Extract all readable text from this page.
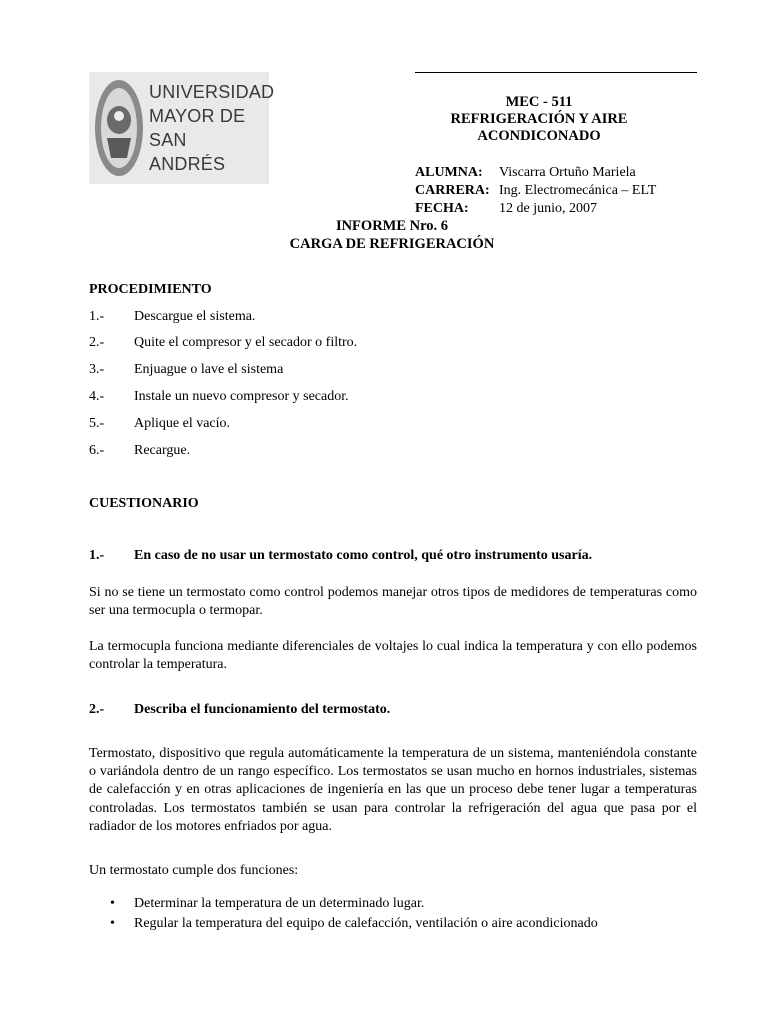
UNIVERSIDAD
MAYOR DE
SAN
ANDRÉS
MEC - 511
REFRIGERACIÓN Y AIRE
ACONDICONADO
ALUMNA: Viscarra Ortuño Mariela
CARRERA: Ing. Electromecánica – ELT
FECHA: 12 de junio, 2007
INFORME Nro. 6
CARGA DE REFRIGERACIÓN
PROCEDIMIENTO
1.- Descargue el sistema.
2.- Quite el compresor y el secador o filtro.
3.- Enjuague o lave el sistema
4.- Instale un nuevo compresor y secador.
5.- Aplique el vacío.
6.- Recargue.
CUESTIONARIO
1.- En caso de no usar un termostato como control, qué otro instrumento usaría.

Si no se tiene un termostato como control podemos manejar otros tipos de medidores de temperaturas como ser una termocupla o termopar.

La termocupla funciona mediante diferenciales de voltajes lo cual indica la temperatura y con ello podemos controlar la temperatura.

2.- Describa el funcionamiento del termostato.

Termostato, dispositivo que regula automáticamente la temperatura de un sistema, manteniéndola constante o variándola dentro de un rango específico. Los termostatos se usan mucho en hornos industriales, sistemas de calefacción y en otras aplicaciones de ingeniería en las que un proceso debe tener lugar a temperaturas controladas. Los termostatos también se usan para controlar la refrigeración del agua que pasa por el radiador de los motores enfriados por agua.

Un termostato cumple dos funciones:

• Determinar la temperatura de un determinado lugar.
• Regular la temperatura del equipo de calefacción, ventilación o aire acondicionado
